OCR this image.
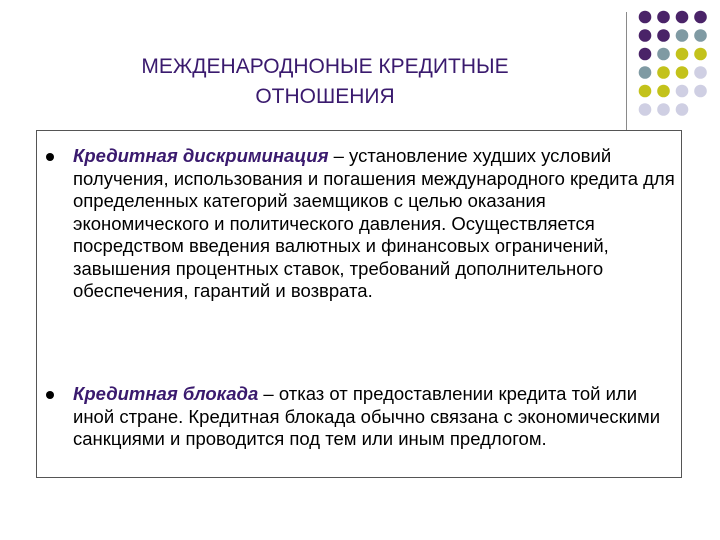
МЕЖДЕНАРОДНОНЫЕ КРЕДИТНЫЕ
ОТНОШЕНИЯ

Кредитная дискриминация – установление худших условий получения, использования и погашения международного кредита для определенных категорий заемщиков с целью оказания экономического и политического давления. Осуществляется посредством введения валютных и финансовых ограничений, завышения процентных ставок, требований дополнительного обеспечения, гарантий и возврата.

Кредитная блокада – отказ от предоставлении кредита той или иной стране. Кредитная блокада обычно связана с экономическими санкциями и проводится под тем или иным предлогом.
